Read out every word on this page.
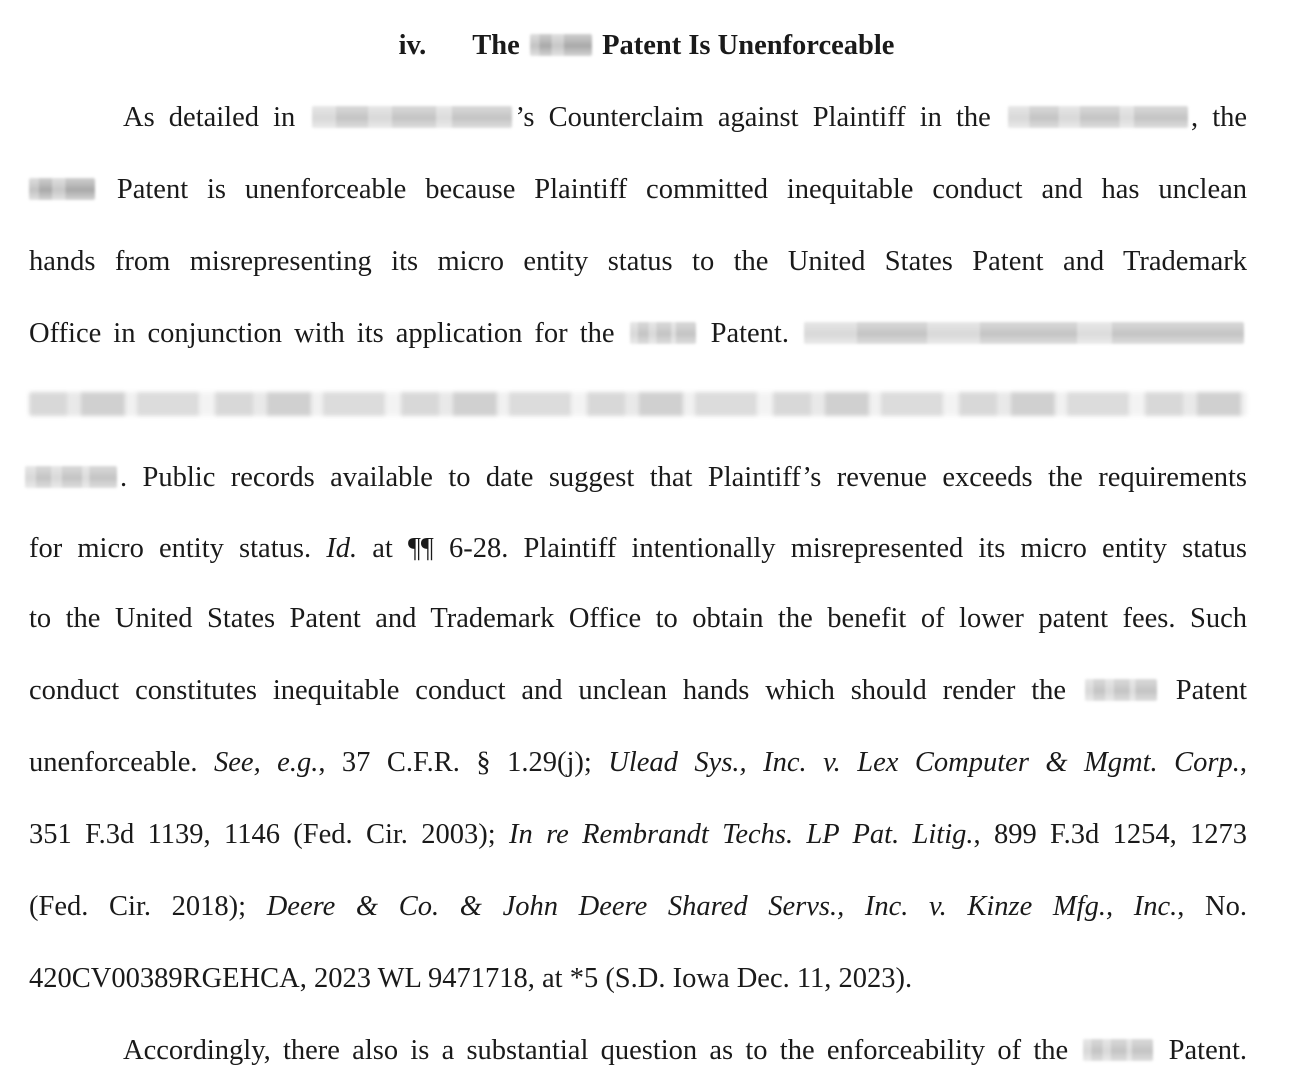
iv. The	Patent Is Unenforceable
As detailed in	’s Counterclaim against Plaintiff in the	, the
Patent is unenforceable because Plaintiff committed inequitable conduct and has unclean
hands from misrepresenting its micro entity status to the United States Patent and Trademark
Office in conjunction with its application for the	Patent.
. Public records available to date suggest that Plaintiff’s revenue exceeds the requirements
for micro entity status. Id. at ¶¶ 6-28. Plaintiff intentionally misrepresented its micro entity status
to the United States Patent and Trademark Office to obtain the benefit of lower patent fees. Such
conduct constitutes inequitable conduct and unclean hands which should render the	Patent
unenforceable. See, e.g., 37 C.F.R. § 1.29(j); Ulead Sys., Inc. v. Lex Computer & Mgmt. Corp.,
351 F.3d 1139, 1146 (Fed. Cir. 2003); In re Rembrandt Techs. LP Pat. Litig., 899 F.3d 1254, 1273
(Fed. Cir. 2018); Deere & Co. & John Deere Shared Servs., Inc. v. Kinze Mfg., Inc., No.
420CV00389RGEHCA, 2023 WL 9471718, at *5 (S.D. Iowa Dec. 11, 2023).
Accordingly, there also is a substantial question as to the enforceability of the	Patent.
